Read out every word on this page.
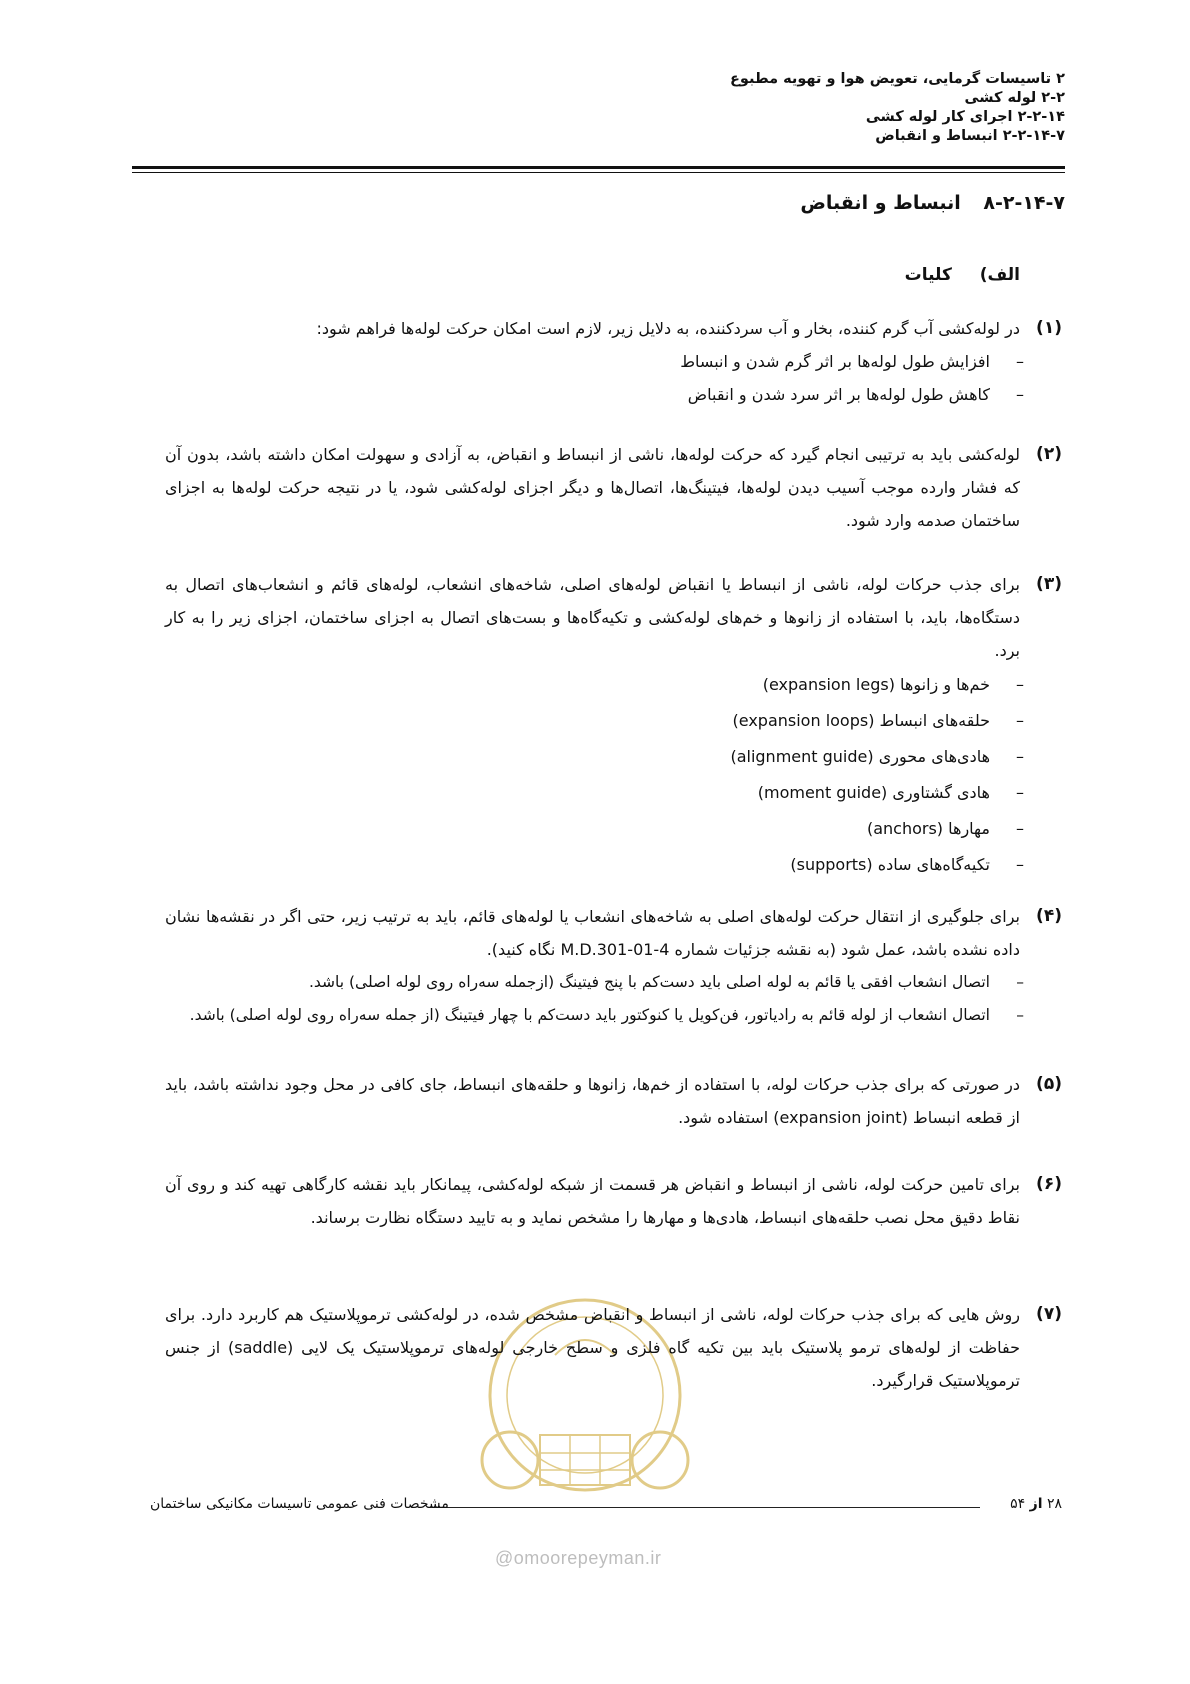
۲ تاسیسات گرمایی، تعویض هوا و تهویه مطبوع
۲-۲ لوله کشی
۲-۲-۱۴ اجرای کار لوله کشی
۲-۲-۱۴-۷ انبساط و انقباض
۸-۲-۱۴-۷ انبساط و انقباض
الف) کلیات
(۱)

در لوله‌کشی آب گرم کننده، بخار و آب سردکننده، به دلایل زیر، لازم است امکان حرکت لوله‌ها فراهم شود:

–
افزایش طول لوله‌ها بر اثر گرم شدن و انبساط
–
کاهش طول لوله‌ها بر اثر سرد شدن و انقباض
(۲)

لوله‌کشی باید به ترتیبی انجام گیرد که حرکت لوله‌ها، ناشی از انبساط و انقباض، به آزادی و سهولت امکان داشته باشد، بدون آن که فشار وارده موجب آسیب دیدن لوله‌ها، فیتینگ‌ها، اتصال‌ها و دیگر اجزای لوله‌کشی شود، یا در نتیجه حرکت لوله‌ها به اجزای ساختمان صدمه وارد شود.

(۳)

برای جذب حرکات لوله، ناشی از انبساط یا انقباض لوله‌های اصلی، شاخه‌های انشعاب، لوله‌های قائم و انشعاب‌های اتصال به دستگاه‌ها، باید، با استفاده از زانوها و خم‌های لوله‌کشی و تکیه‌گاه‌ها و بست‌های اتصال به اجزای ساختمان، اجزای زیر را به کار برد.

–
خم‌ها و زانوها (expansion legs)
–
حلقه‌های انبساط (expansion loops)
–
هادی‌های محوری (alignment guide)
–
هادی گشتاوری (moment guide)
–
مهارها (anchors)
–
تکیه‌گاه‌های ساده (supports)
(۴)

برای جلوگیری از انتقال حرکت لوله‌های اصلی به شاخه‌های انشعاب یا لوله‌های قائم، باید به ترتیب زیر، حتی اگر در نقشه‌ها نشان داده نشده باشد، عمل شود (به نقشه جزئیات شماره M.D.301-01-4 نگاه کنید).

–
اتصال انشعاب افقی یا قائم به لوله اصلی باید دست‌کم با پنج فیتینگ (ازجمله سه‌راه روی لوله اصلی) باشد.
–
اتصال انشعاب از لوله قائم به رادیاتور، فن‌کویل یا کنوکتور باید دست‌کم با چهار فیتینگ (از جمله سه‌راه روی لوله اصلی) باشد.
(۵)

در صورتی که برای جذب حرکات لوله، با استفاده از خم‌ها، زانوها و حلقه‌های انبساط، جای کافی در محل وجود نداشته باشد، باید از قطعه انبساط (expansion joint) استفاده شود.

(۶)

برای تامین حرکت لوله، ناشی از انبساط و انقباض هر قسمت از شبکه لوله‌کشی، پیمانکار باید نقشه کارگاهی تهیه کند و روی آن نقاط دقیق محل نصب حلقه‌های انبساط، هادی‌ها و مهارها را مشخص نماید و به تایید دستگاه نظارت برساند.

(۷)

روش هایی که برای جذب حرکات لوله، ناشی از انبساط و انقباض مشخص شده، در لوله‌کشی ترموپلاستیک هم کاربرد دارد. برای حفاظت از لوله‌های ترمو پلاستیک باید بین تکیه گاه فلزی و سطح خارجی لوله‌های ترموپلاستیک یک لایی (saddle) از جنس ترموپلاستیک قرارگیرد.

۲۸ از ۵۴
مشخصات فنی عمومی تاسیسات مکانیکی ساختمان
@omoorepeyman.ir
